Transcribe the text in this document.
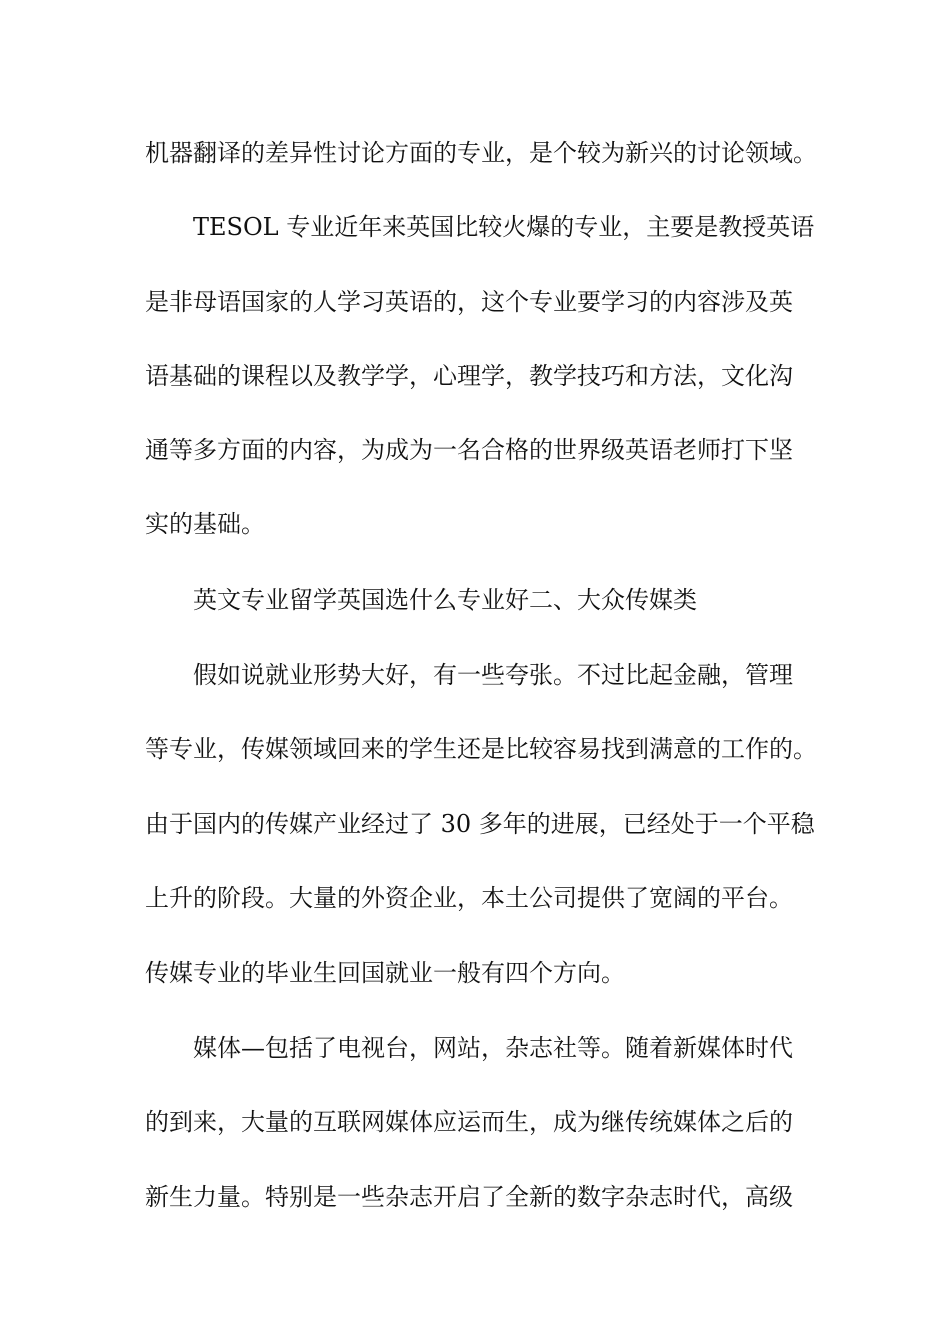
机器翻译的差异性讨论方面的专业，是个较为新兴的讨论领域。
TESOL 专业近年来英国比较火爆的专业，主要是教授英语
是非母语国家的人学习英语的，这个专业要学习的内容涉及英
语基础的课程以及教学学，心理学，教学技巧和方法，文化沟
通等多方面的内容，为成为一名合格的世界级英语老师打下坚
实的基础。
英文专业留学英国选什么专业好二、大众传媒类
假如说就业形势大好，有一些夸张。不过比起金融，管理
等专业，传媒领域回来的学生还是比较容易找到满意的工作的。
由于国内的传媒产业经过了 30 多年的进展，已经处于一个平稳
上升的阶段。大量的外资企业，本土公司提供了宽阔的平台。
传媒专业的毕业生回国就业一般有四个方向。
媒体—包括了电视台，网站，杂志社等。随着新媒体时代
的到来，大量的互联网媒体应运而生，成为继传统媒体之后的
新生力量。特别是一些杂志开启了全新的数字杂志时代，高级
